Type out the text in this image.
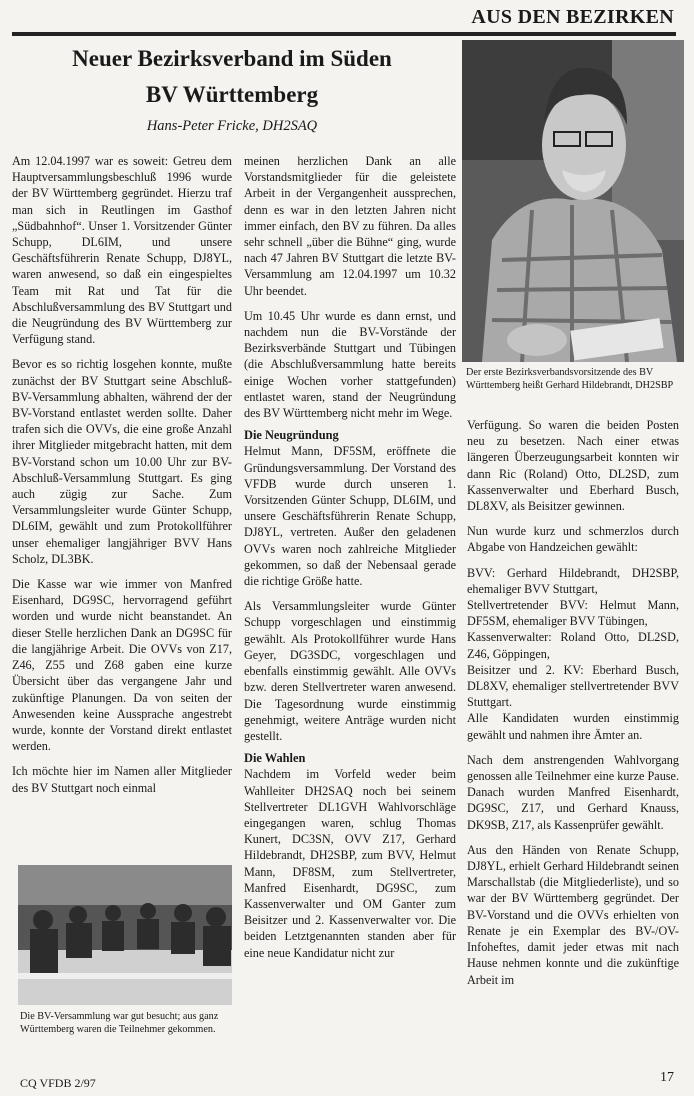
AUS DEN BEZIRKEN
Neuer Bezirksverband im Süden
BV Württemberg
Hans-Peter Fricke, DH2SAQ
Der erste Bezirksverbandsvorsitzende des BV Württemberg heißt Gerhard Hildebrandt, DH2SBP

Am 12.04.1997 war es soweit: Getreu dem Hauptversammlungsbeschluß 1996 wurde der BV Württemberg gegründet. Hierzu traf man sich in Reutlingen im Gasthof „Südbahnhof“. Unser 1. Vorsitzender Günter Schupp, DL6IM, und unsere Geschäftsführerin Renate Schupp, DJ8YL, waren anwesend, so daß ein eingespieltes Team mit Rat und Tat für die Abschlußversammlung des BV Stuttgart und die Neugründung des BV Württemberg zur Verfügung stand.

Bevor es so richtig losgehen konnte, mußte zunächst der BV Stuttgart seine Abschluß-BV-Versammlung abhalten, während der der BV-Vorstand entlastet werden sollte. Daher trafen sich die OVVs, die eine große Anzahl ihrer Mitglieder mitgebracht hatten, mit dem BV-Vorstand schon um 10.00 Uhr zur BV-Abschluß-Versammlung Stuttgart. Es ging auch zügig zur Sache. Zum Versammlungsleiter wurde Günter Schupp, DL6IM, gewählt und zum Protokollführer unser ehemaliger langjähriger BVV Hans Scholz, DL3BK.

Die Kasse war wie immer von Manfred Eisenhard, DG9SC, hervorragend geführt worden und wurde nicht beanstandet. An dieser Stelle herzlichen Dank an DG9SC für die langjährige Arbeit. Die OVVs von Z17, Z46, Z55 und Z68 gaben eine kurze Übersicht über das vergangene Jahr und zukünftige Planungen. Da von seiten der Anwesenden keine Aussprache angestrebt wurde, konnte der Vorstand direkt entlastet werden.

Ich möchte hier im Namen aller Mitglieder des BV Stuttgart noch einmal

Die BV-Versammlung war gut besucht; aus ganz Württemberg waren die Teilnehmer gekommen.

meinen herzlichen Dank an alle Vorstandsmitglieder für die geleistete Arbeit in der Vergangenheit aussprechen, denn es war in den letzten Jahren nicht immer einfach, den BV zu führen. Da alles sehr schnell „über die Bühne“ ging, wurde nach 47 Jahren BV Stuttgart die letzte BV-Versammlung am 12.04.1997 um 10.32 Uhr beendet.

Um 10.45 Uhr wurde es dann ernst, und nachdem nun die BV-Vorstände der Bezirksverbände Stuttgart und Tübingen (die Abschlußversammlung hatte bereits einige Wochen vorher stattgefunden) entlastet waren, stand der Neugründung des BV Württemberg nicht mehr im Wege.

Die Neugründung

Helmut Mann, DF5SM, eröffnete die Gründungsversammlung. Der Vorstand des VFDB wurde durch unseren 1. Vorsitzenden Günter Schupp, DL6IM, und unsere Geschäftsführerin Renate Schupp, DJ8YL, vertreten. Außer den geladenen OVVs waren noch zahlreiche Mitglieder gekommen, so daß der Nebensaal gerade die richtige Größe hatte.

Als Versammlungsleiter wurde Günter Schupp vorgeschlagen und einstimmig gewählt. Als Protokollführer wurde Hans Geyer, DG3SDC, vorgeschlagen und ebenfalls einstimmig gewählt. Alle OVVs bzw. deren Stellvertreter waren anwesend. Die Tagesordnung wurde einstimmig genehmigt, weitere Anträge wurden nicht gestellt.

Die Wahlen

Nachdem im Vorfeld weder beim Wahlleiter DH2SAQ noch bei seinem Stellvertreter DL1GVH Wahlvorschläge eingegangen waren, schlug Thomas Kunert, DC3SN, OVV Z17, Gerhard Hildebrandt, DH2SBP, zum BVV, Helmut Mann, DF8SM, zum Stellvertreter, Manfred Eisenhardt, DG9SC, zum Kassenverwalter und OM Ganter zum Beisitzer und 2. Kassenverwalter vor. Die beiden Letztgenannten standen aber für eine neue Kandidatur nicht zur

Verfügung. So waren die beiden Posten neu zu besetzen. Nach einer etwas längeren Überzeugungsarbeit konnten wir dann Ric (Roland) Otto, DL2SD, zum Kassenverwalter und Eberhard Busch, DL8XV, als Beisitzer gewinnen.

Nun wurde kurz und schmerzlos durch Abgabe von Handzeichen gewählt:

BVV: Gerhard Hildebrandt, DH2SBP, ehemaliger BVV Stuttgart,
Stellvertretender BVV: Helmut Mann, DF5SM, ehemaliger BVV Tübingen,
Kassenverwalter: Roland Otto, DL2SD, Z46, Göppingen,
Beisitzer und 2. KV: Eberhard Busch, DL8XV, ehemaliger stellvertretender BVV Stuttgart.

Alle Kandidaten wurden einstimmig gewählt und nahmen ihre Ämter an.

Nach dem anstrengenden Wahlvorgang genossen alle Teilnehmer eine kurze Pause. Danach wurden Manfred Eisenhardt, DG9SC, Z17, und Gerhard Knauss, DK9SB, Z17, als Kassenprüfer gewählt.

Aus den Händen von Renate Schupp, DJ8YL, erhielt Gerhard Hildebrandt seinen Marschallstab (die Mitgliederliste), und so war der BV Württemberg gegründet. Der BV-Vorstand und die OVVs erhielten von Renate je ein Exemplar des BV-/OV-Infoheftes, damit jeder etwas mit nach Hause nehmen konnte und die zukünftige Arbeit im

CQ VFDB 2/97	17
